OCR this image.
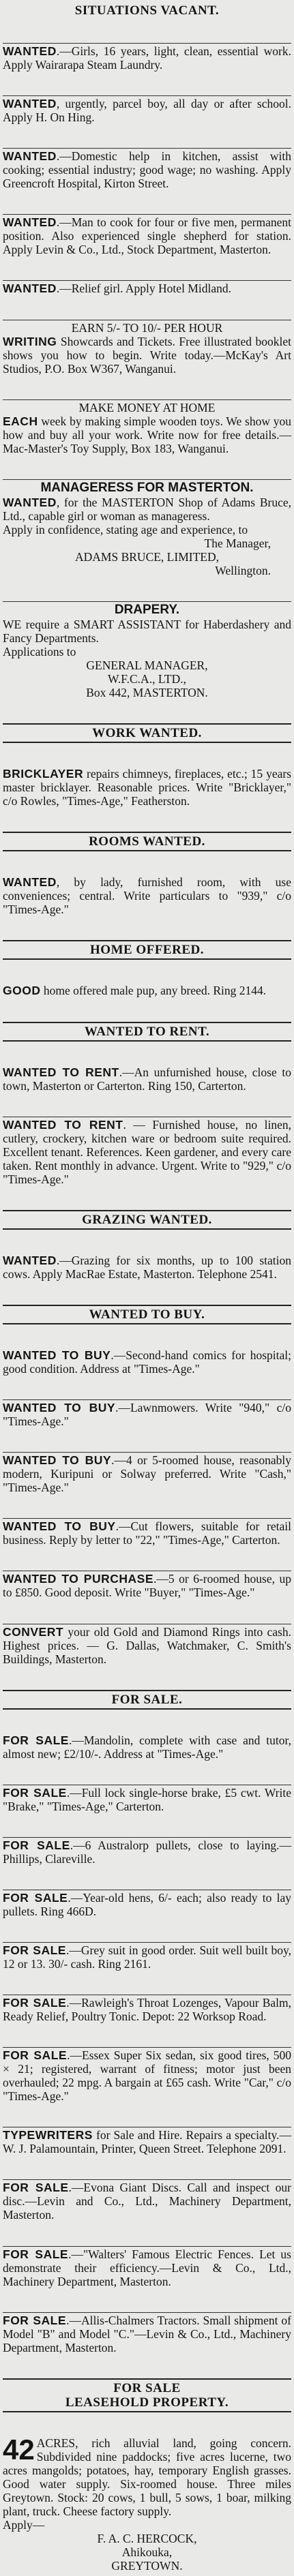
SITUATIONS VACANT.
WANTED.—Girls, 16 years, light, clean, essential work. Apply Wairarapa Steam Laundry.
WANTED, urgently, parcel boy, all day or after school. Apply H. On Hing.
WANTED.—Domestic help in kitchen, assist with cooking; essential industry; good wage; no washing. Apply Greencroft Hospital, Kirton Street.
WANTED.—Man to cook for four or five men, permanent position. Also experienced single shepherd for station. Apply Levin & Co., Ltd., Stock Department, Masterton.
WANTED.—Relief girl. Apply Hotel Midland.
EARN 5/- TO 10/- PER HOUR
WRITING Showcards and Tickets. Free illustrated booklet shows you how to begin. Write today.—McKay's Art Studios, P.O. Box W367, Wanganui.
MAKE MONEY AT HOME
EACH week by making simple wooden toys. We show you how and buy all your work. Write now for free details.—Mac-Master's Toy Supply, Box 183, Wanganui.
MANAGERESS FOR MASTERTON.
WANTED, for the MASTERTON Shop of Adams Bruce, Ltd., capable girl or woman as manageress.
Apply in confidence, stating age and experience, to
The Manager,
ADAMS BRUCE, LIMITED,
Wellington.
DRAPERY.
WE require a SMART ASSISTANT for Haberdashery and Fancy Departments.
Applications to
GENERAL MANAGER,
W.F.C.A., LTD.,
Box 442, MASTERTON.
WORK WANTED.
BRICKLAYER repairs chimneys, fireplaces, etc.; 15 years master bricklayer. Reasonable prices. Write "Bricklayer," c/o Rowles, "Times-Age," Featherston.
ROOMS WANTED.
WANTED, by lady, furnished room, with use conveniences; central. Write particulars to "939," c/o "Times-Age."
HOME OFFERED.
GOOD home offered male pup, any breed. Ring 2144.
WANTED TO RENT.
WANTED TO RENT.—An unfurnished house, close to town, Masterton or Carterton. Ring 150, Carterton.
WANTED TO RENT. — Furnished house, no linen, cutlery, crockery, kitchen ware or bedroom suite required. Excellent tenant. References. Keen gardener, and every care taken. Rent monthly in advance. Urgent. Write to "929," c/o "Times-Age."
GRAZING WANTED.
WANTED.—Grazing for six months, up to 100 station cows. Apply MacRae Estate, Masterton. Telephone 2541.
WANTED TO BUY.
WANTED TO BUY.—Second-hand comics for hospital; good condition. Address at "Times-Age."
WANTED TO BUY.—Lawnmowers. Write "940," c/o "Times-Age."
WANTED TO BUY.—4 or 5-roomed house, reasonably modern, Kuripuni or Solway preferred. Write "Cash," "Times-Age."
WANTED TO BUY.—Cut flowers, suitable for retail business. Reply by letter to "22," "Times-Age," Carterton.
WANTED TO PURCHASE.—5 or 6-roomed house, up to £850. Good deposit. Write "Buyer," "Times-Age."
CONVERT your old Gold and Diamond Rings into cash. Highest prices. — G. Dallas, Watchmaker, C. Smith's Buildings, Masterton.
FOR SALE.
FOR SALE.—Mandolin, complete with case and tutor, almost new; £2/10/-. Address at "Times-Age."
FOR SALE.—Full lock single-horse brake, £5 cwt. Write "Brake," "Times-Age," Carterton.
FOR SALE.—6 Australorp pullets, close to laying.—Phillips, Clareville.
FOR SALE.—Year-old hens, 6/- each; also ready to lay pullets. Ring 466D.
FOR SALE.—Grey suit in good order. Suit well built boy, 12 or 13. 30/- cash. Ring 2161.
FOR SALE.—Rawleigh's Throat Lozenges, Vapour Balm, Ready Relief, Poultry Tonic. Depot: 22 Worksop Road.
FOR SALE.—Essex Super Six sedan, six good tires, 500 × 21; registered, warrant of fitness; motor just been overhauled; 22 mpg. A bargain at £65 cash. Write "Car," c/o "Times-Age."
TYPEWRITERS for Sale and Hire. Repairs a specialty.—W. J. Palamountain, Printer, Queen Street. Telephone 2091.
FOR SALE.—Evona Giant Discs. Call and inspect our disc.—Levin and Co., Ltd., Machinery Department, Masterton.
FOR SALE.—"Walters' Famous Electric Fences. Let us demonstrate their efficiency.—Levin & Co., Ltd., Machinery Department, Masterton.
FOR SALE.—Allis-Chalmers Tractors. Small shipment of Model "B" and Model "C."—Levin & Co., Ltd., Machinery Department, Masterton.
FOR SALE
LEASEHOLD PROPERTY.
42 ACRES, rich alluvial land, going concern. Subdivided nine paddocks; five acres lucerne, two acres mangolds; potatoes, hay, temporary English grasses. Good water supply. Six-roomed house. Three miles Greytown. Stock: 20 cows, 1 bull, 5 sows, 1 boar, milking plant, truck. Cheese factory supply.
Apply—
F. A. C. HERCOCK,
Ahikouka,
GREYTOWN.
